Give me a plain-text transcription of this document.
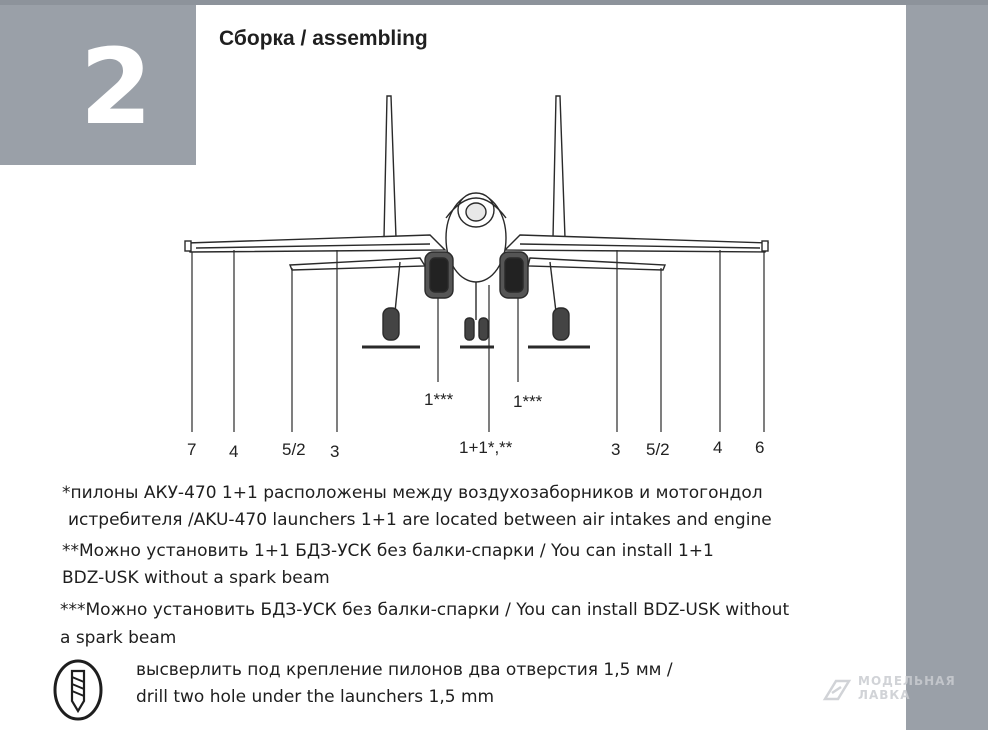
2	Сборка / assembling
7 4	5/2 3
1***
1+1*,**
1***
3 5/2	4 6
*пилоны АКУ-470 1+1 расположены между воздухозаборников и мотогондол
истребителя /AKU-470 launchers 1+1 are located between air intakes and engine
**Можно установить 1+1 БДЗ-УСК без балки-спарки / You can install 1+1
BDZ-USK without a spark beam
***Можно установить БДЗ-УСК без балки-спарки / You can install BDZ-USK without
a spark beam
высверлить под крепление пилонов два отверстия 1,5 мм /
drill two hole under the launchers 1,5 mm
МОДЕЛЬНАЯ
ЛАВКА
